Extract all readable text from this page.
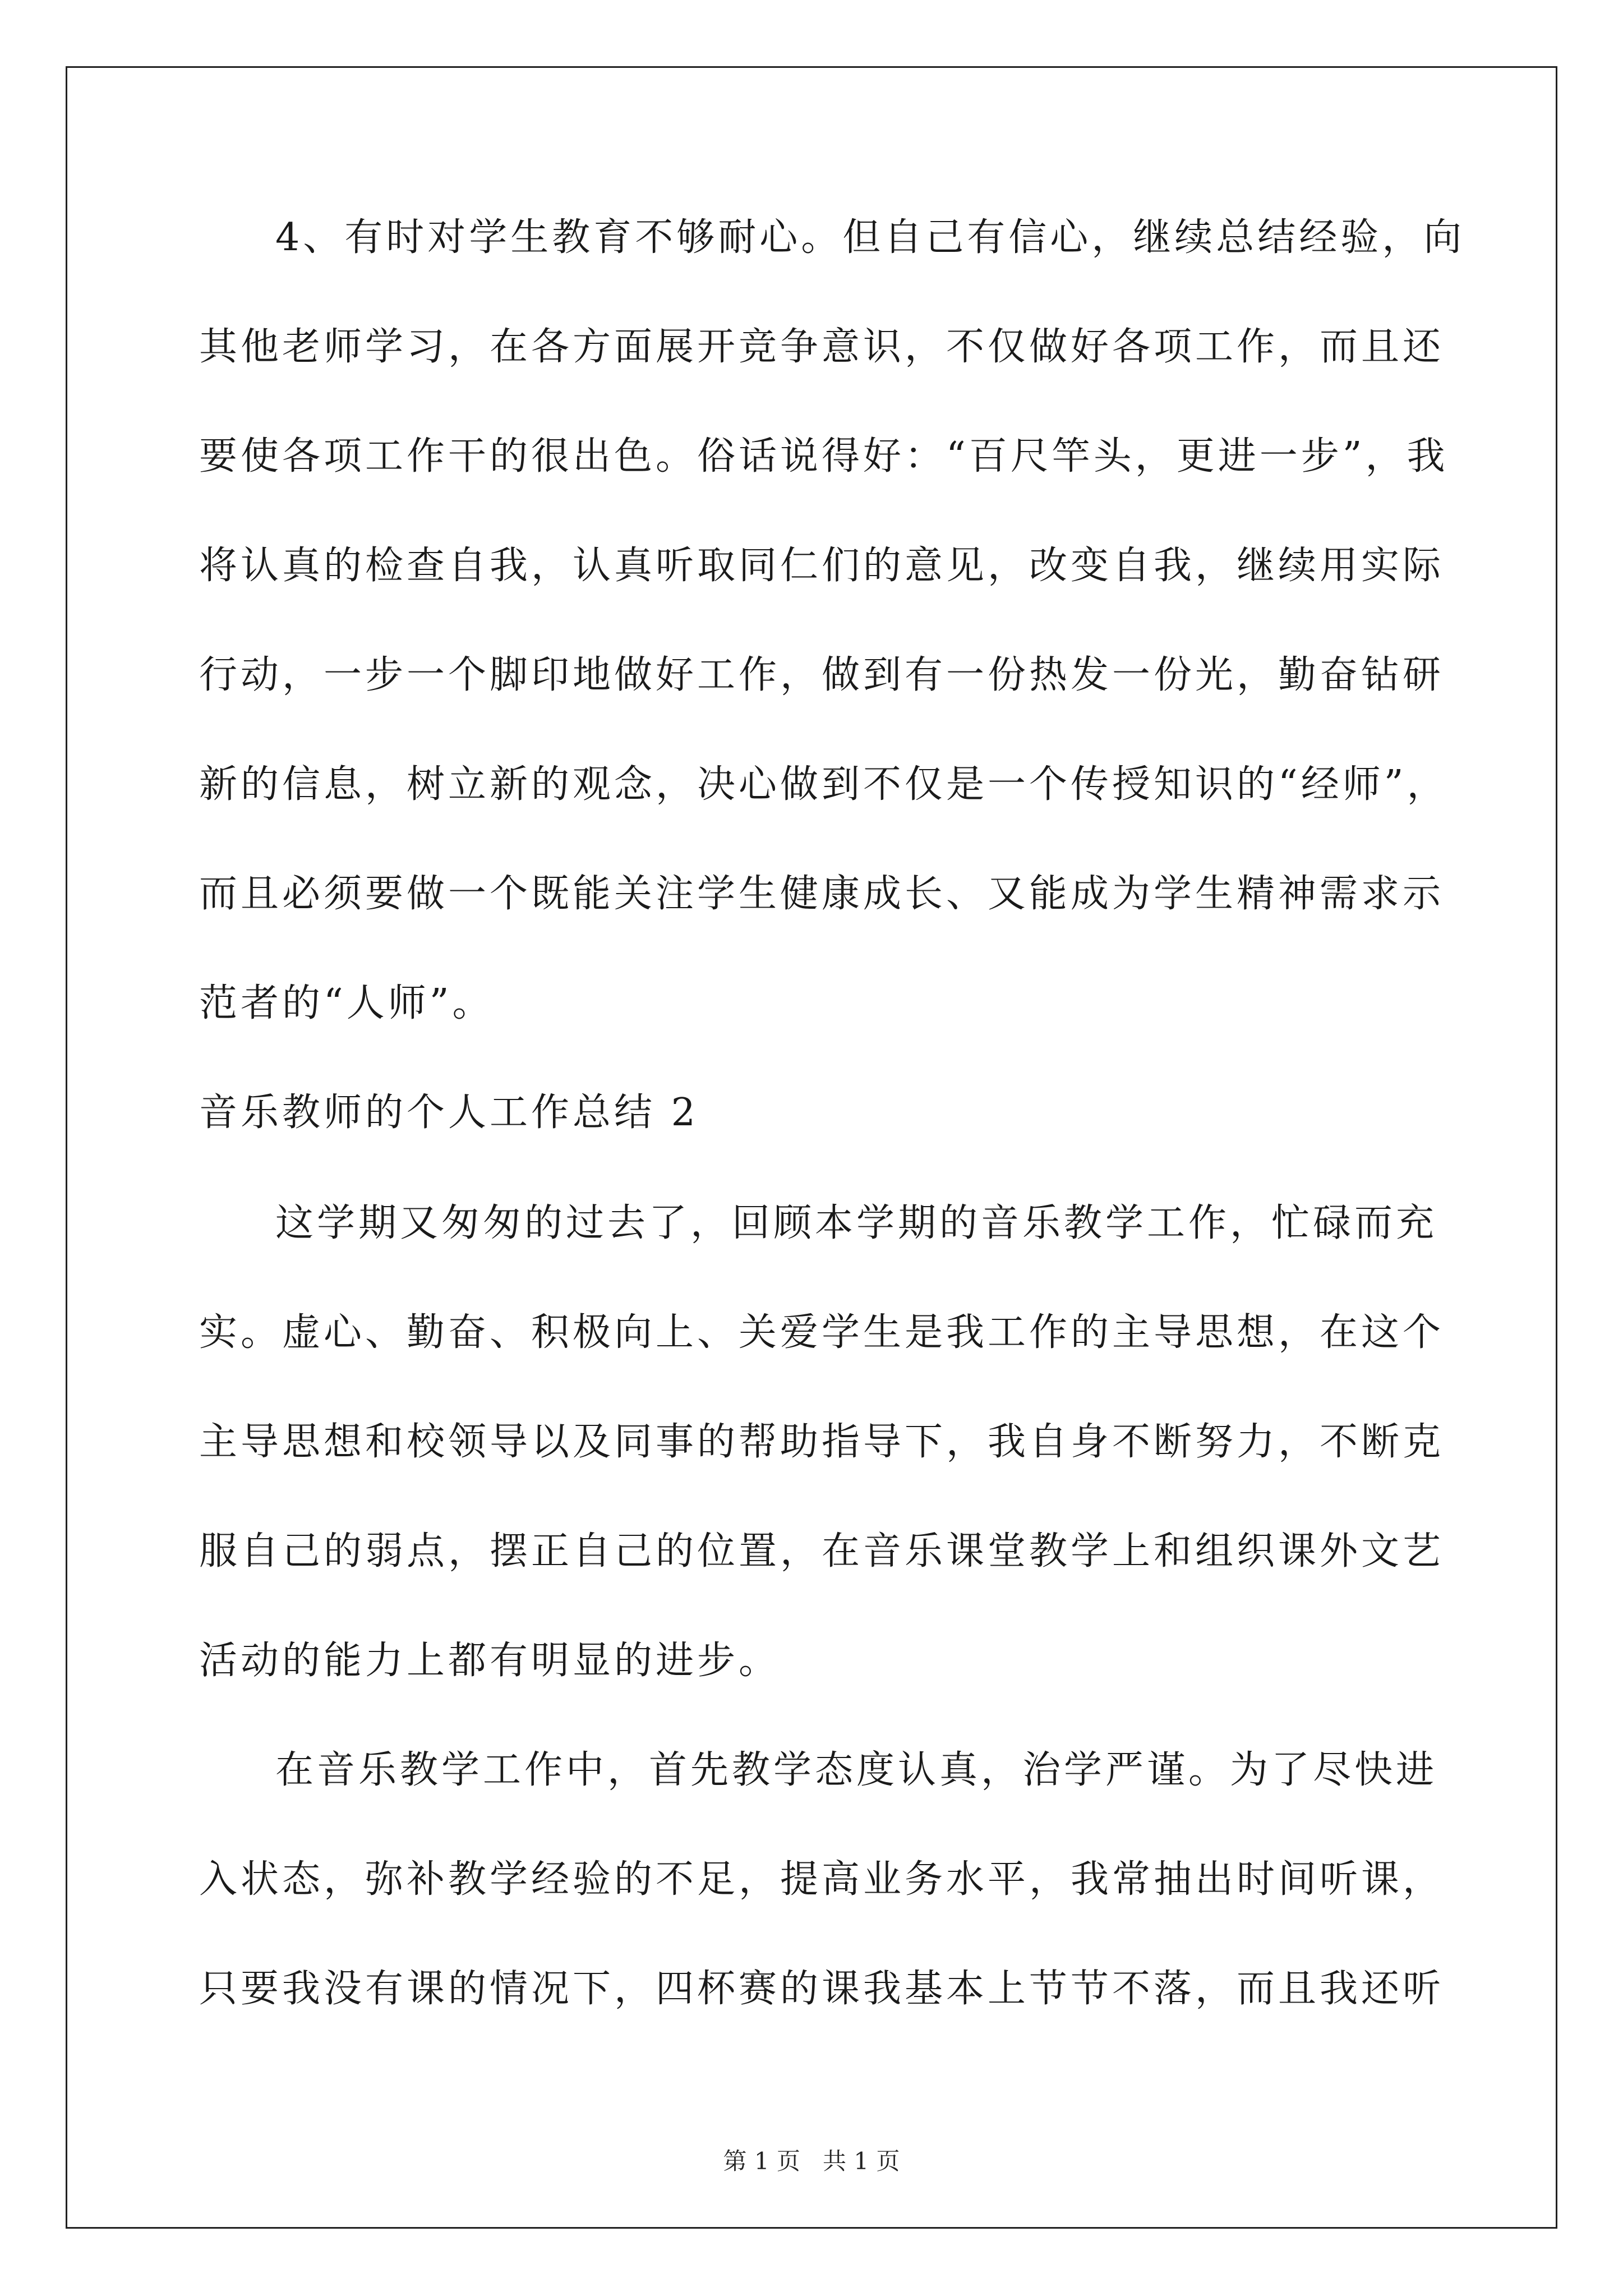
4、有时对学生教育不够耐心。但自己有信心，继续总结经验，向
其他老师学习，在各方面展开竞争意识，不仅做好各项工作，而且还
要使各项工作干的很出色。俗话说得好：“百尺竿头，更进一步”，我
将认真的检查自我，认真听取同仁们的意见，改变自我，继续用实际
行动，一步一个脚印地做好工作，做到有一份热发一份光，勤奋钻研
新的信息，树立新的观念，决心做到不仅是一个传授知识的“经师”，
而且必须要做一个既能关注学生健康成长、又能成为学生精神需求示
范者的“人师”。
音乐教师的个人工作总结 2
这学期又匆匆的过去了，回顾本学期的音乐教学工作，忙碌而充
实。虚心、勤奋、积极向上、关爱学生是我工作的主导思想，在这个
主导思想和校领导以及同事的帮助指导下，我自身不断努力，不断克
服自己的弱点，摆正自己的位置，在音乐课堂教学上和组织课外文艺
活动的能力上都有明显的进步。
在音乐教学工作中，首先教学态度认真，治学严谨。为了尽快进
入状态，弥补教学经验的不足，提高业务水平，我常抽出时间听课，
只要我没有课的情况下，四杯赛的课我基本上节节不落，而且我还听
第 1 页   共 1 页
